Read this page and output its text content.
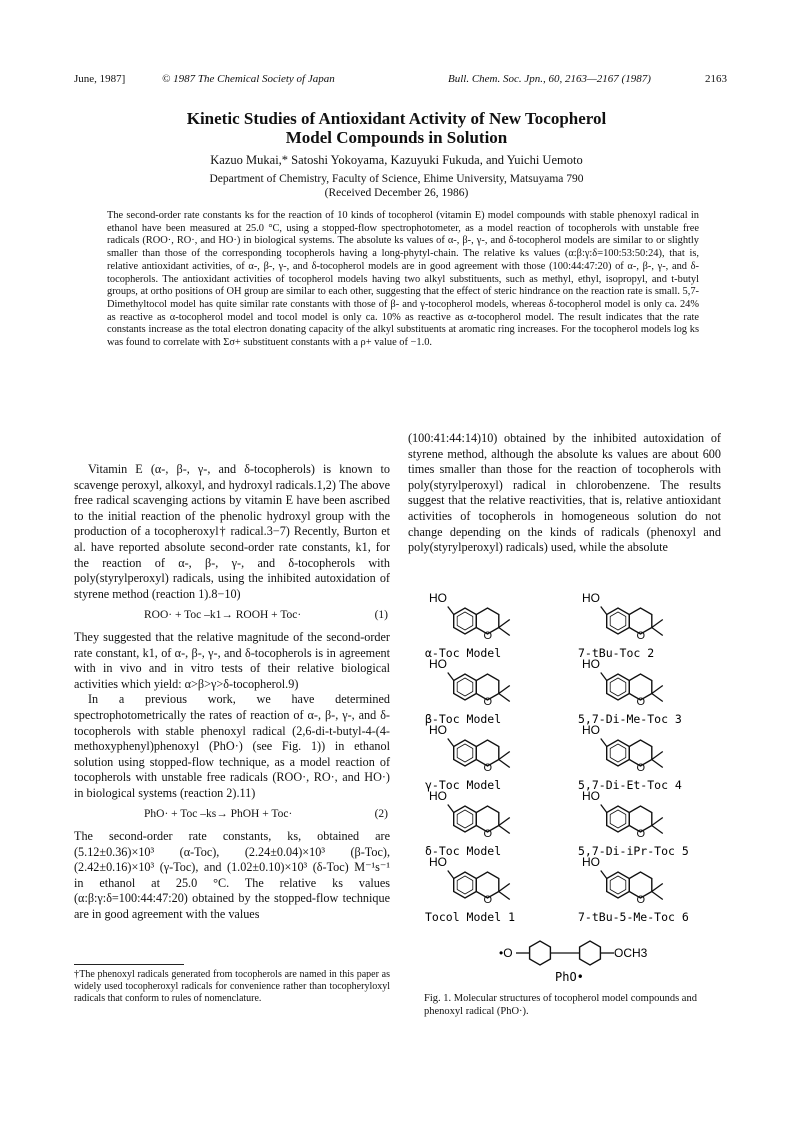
June, 1987]	© 1987 The Chemical Society of Japan	Bull. Chem. Soc. Jpn., 60, 2163—2167 (1987)	2163
Kinetic Studies of Antioxidant Activity of New Tocopherol
Model Compounds in Solution
Kazuo Mukai,* Satoshi Yokoyama, Kazuyuki Fukuda, and Yuichi Uemoto
Department of Chemistry, Faculty of Science, Ehime University, Matsuyama 790
(Received December 26, 1986)
The second-order rate constants ks for the reaction of 10 kinds of tocopherol (vitamin E) model compounds with stable phenoxyl radical in ethanol have been measured at 25.0 °C, using a stopped-flow spectrophotometer, as a model reaction of tocopherols with unstable free radicals (ROO·, RO·, and HO·) in biological systems. The absolute ks values of α-, β-, γ-, and δ-tocopherol models are similar to or slightly smaller than those of the corresponding tocopherols having a long-phytyl-chain. The relative ks values (α:β:γ:δ=100:53:50:24), that is, relative antioxidant activities, of α-, β-, γ-, and δ-tocopherol models are in good agreement with those (100:44:47:20) of α-, β-, γ-, and δ-tocopherols. The antioxidant activities of tocopherol models having two alkyl substituents, such as methyl, ethyl, isopropyl, and t-butyl groups, at ortho positions of OH group are similar to each other, suggesting that the effect of steric hindrance on the reaction rate is small. 5,7-Dimethyltocol model has quite similar rate constants with those of β- and γ-tocopherol models, whereas δ-tocopherol model is only ca. 24% as reactive as α-tocopherol model and tocol model is only ca. 10% as reactive as α-tocopherol model. The result indicates that the rate constants increase as the total electron donating capacity of the alkyl substituents at aromatic ring increases. For the tocopherol models log ks was found to correlate with Σσ+ substituent constants with a ρ+ value of −1.0.

Vitamin E (α-, β-, γ-, and δ-tocopherols) is known to scavenge peroxyl, alkoxyl, and hydroxyl radicals.1,2) The above free radical scavenging actions by vitamin E have been ascribed to the initial reaction of the phenolic hydroxyl group with the production of a tocopheroxyl† radical.3−7) Recently, Burton et al. have reported absolute second-order rate constants, k1, for the reaction of α-, β-, γ-, and δ-tocopherols with poly(styrylperoxyl) radicals, using the inhibited autoxidation of styrene method (reaction 1).8−10)

ROO· + Toc –k1→ ROOH + Toc·	(1)

They suggested that the relative magnitude of the second-order rate constant, k1, of α-, β-, γ-, and δ-tocopherols is in agreement with in vivo and in vitro tests of their relative biological activities which yield: α>β>γ>δ-tocopherol.9)

In a previous work, we have determined spectrophotometrically the rates of reaction of α-, β-, γ-, and δ-tocopherols with stable phenoxyl radical (2,6-di-t-butyl-4-(4-methoxyphenyl)phenoxyl (PhO·) (see Fig. 1)) in ethanol solution using stopped-flow technique, as a model reaction of tocopherols with unstable free radicals (ROO·, RO·, and HO·) in biological systems (reaction 2).11)

PhO· + Toc –ks→ PhOH + Toc·	(2)

The second-order rate constants, ks, obtained are (5.12±0.36)×10³ (α-Toc), (2.24±0.04)×10³ (β-Toc), (2.42±0.16)×10³ (γ-Toc), and (1.02±0.10)×10³ (δ-Toc) M⁻¹s⁻¹ in ethanol at 25.0 °C. The relative ks values (α:β:γ:δ=100:44:47:20) obtained by the stopped-flow technique are in good agreement with the values

(100:41:44:14)10) obtained by the inhibited autoxidation of styrene method, although the absolute ks values are about 600 times smaller than those for the reaction of tocopherols with poly(styrylperoxyl) radical in chlorobenzene. The results suggest that the relative reactivities, that is, relative antioxidant activities of tocopherols in homogeneous solution do not change depending on the kinds of radicals (phenoxyl and poly(styrylperoxyl) radicals) used, while the absolute

†The phenoxyl radicals generated from tocopherols are named in this paper as widely used tocopheroxyl radicals for convenience rather than tocopheryloxyl radicals that conform to rules of nomenclature.
HO
O
α-Toc Model
HO
O
7-tBu-Toc 2
HO
O
β-Toc Model
HO
O
5,7-Di-Me-Toc 3
HO
O
γ-Toc Model
HO
O
5,7-Di-Et-Toc 4
HO
O
δ-Toc Model
HO
O
5,7-Di-iPr-Toc 5
HO
O
Tocol Model 1
HO
O
7-tBu-5-Me-Toc 6
•O	OCH3
PhO•
Fig. 1. Molecular structures of tocopherol model compounds and phenoxyl radical (PhO·).
